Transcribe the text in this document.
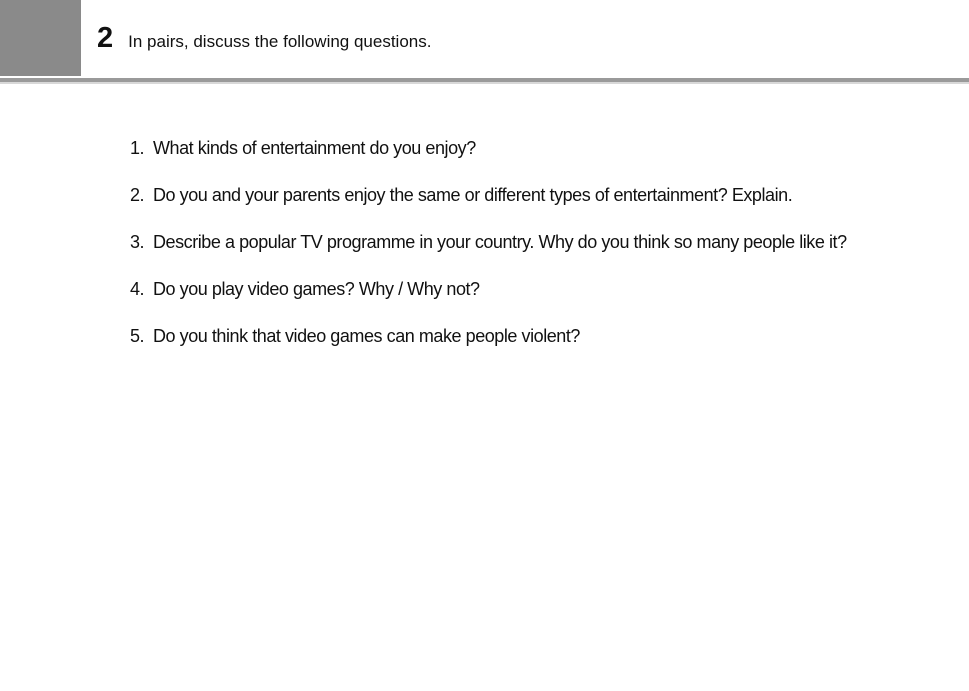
2 In pairs, discuss the following questions.
1. What kinds of entertainment do you enjoy?
2. Do you and your parents enjoy the same or different types of entertainment? Explain.
3. Describe a popular TV programme in your country. Why do you think so many people like it?
4. Do you play video games? Why / Why not?
5. Do you think that video games can make people violent?
